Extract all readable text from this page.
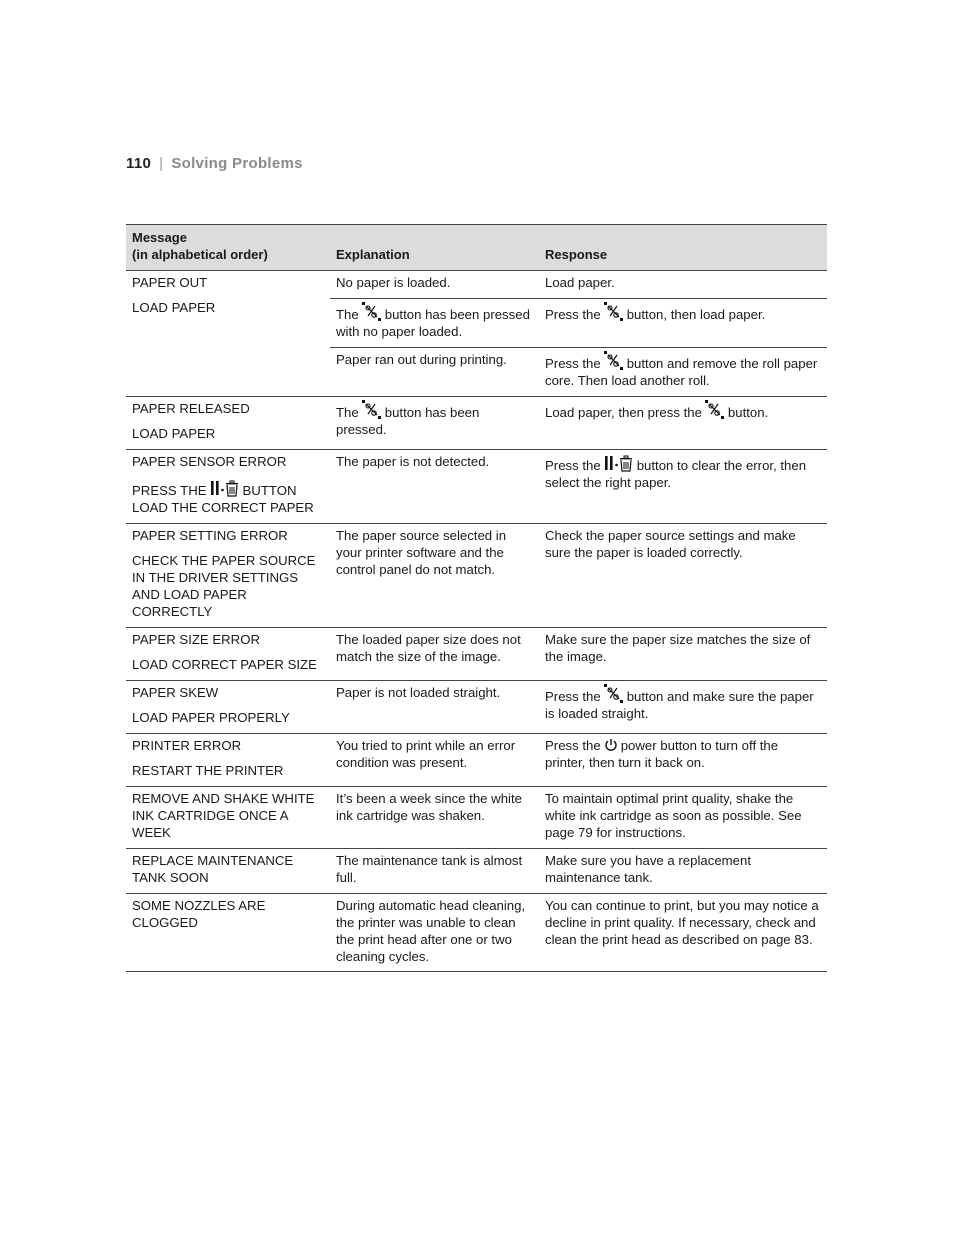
110 | Solving Problems
Message
(in alphabetical order)	Explanation	Response

PAPER OUT
LOAD PAPER	No paper is loaded.	Load paper.
	The button has been pressed with no paper loaded.	Press the button, then load paper.
	Paper ran out during printing.	Press the button and remove the roll paper core. Then load another roll.

PAPER RELEASED
LOAD PAPER	The button has been pressed.	Load paper, then press the button.

PAPER SENSOR ERROR
PRESS THE BUTTON
LOAD THE CORRECT PAPER	The paper is not detected.	Press the button to clear the error, then select the right paper.

PAPER SETTING ERROR
CHECK THE PAPER SOURCE IN THE DRIVER SETTINGS AND LOAD PAPER CORRECTLY	The paper source selected in your printer software and the control panel do not match.	Check the paper source settings and make sure the paper is loaded correctly.

PAPER SIZE ERROR
LOAD CORRECT PAPER SIZE	The loaded paper size does not match the size of the image.	Make sure the paper size matches the size of the image.

PAPER SKEW
LOAD PAPER PROPERLY	Paper is not loaded straight.	Press the button and make sure the paper is loaded straight.

PRINTER ERROR
RESTART THE PRINTER	You tried to print while an error condition was present.	Press the power button to turn off the printer, then turn it back on.

REMOVE AND SHAKE WHITE INK CARTRIDGE ONCE A WEEK	It’s been a week since the white ink cartridge was shaken.	To maintain optimal print quality, shake the white ink cartridge as soon as possible. See page 79 for instructions.

REPLACE MAINTENANCE TANK SOON	The maintenance tank is almost full.	Make sure you have a replacement maintenance tank.

SOME NOZZLES ARE CLOGGED	During automatic head cleaning, the printer was unable to clean the print head after one or two cleaning cycles.	You can continue to print, but you may notice a decline in print quality. If necessary, check and clean the print head as described on page 83.
